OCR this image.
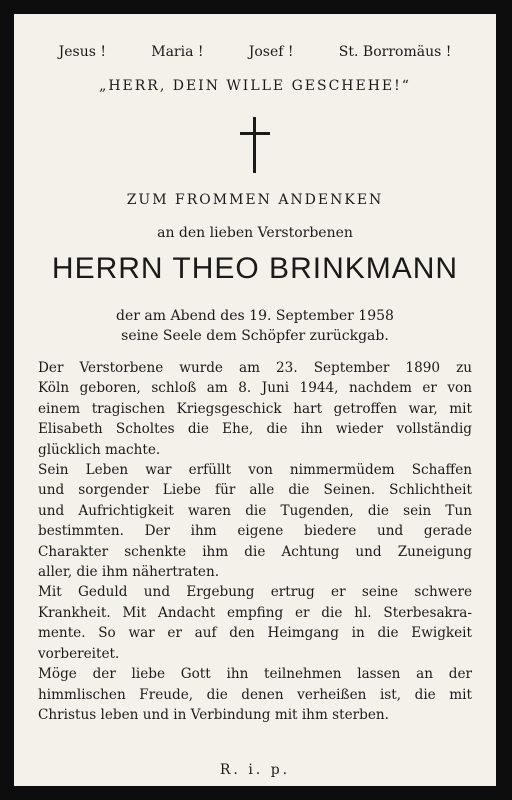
Jesus !	Maria !	Josef !	St. Borromäus !
„HERR, DEIN WILLE GESCHEHE!“
ZUM FROMMEN ANDENKEN
an den lieben Verstorbenen
HERRN THEO BRINKMANN
der am Abend des 19. September 1958
seine Seele dem Schöpfer zurückgab.
Der Verstorbene wurde am 23. September 1890 zu
Köln geboren, schloß am 8. Juni 1944, nachdem er von
einem tragischen Kriegsgeschick hart getroffen war, mit
Elisabeth Scholtes die Ehe, die ihn wieder vollständig
glücklich machte.
Sein Leben war erfüllt von nimmermüdem Schaffen
und sorgender Liebe für alle die Seinen. Schlichtheit
und Aufrichtigkeit waren die Tugenden, die sein Tun
bestimmten. Der ihm eigene biedere und gerade
Charakter schenkte ihm die Achtung und Zuneigung
aller, die ihm nähertraten.
Mit Geduld und Ergebung ertrug er seine schwere
Krankheit. Mit Andacht empfing er die hl. Sterbesakra-
mente. So war er auf den Heimgang in die Ewigkeit
vorbereitet.
Möge der liebe Gott ihn teilnehmen lassen an der
himmlischen Freude, die denen verheißen ist, die mit
Christus leben und in Verbindung mit ihm sterben.
R. i. p.
